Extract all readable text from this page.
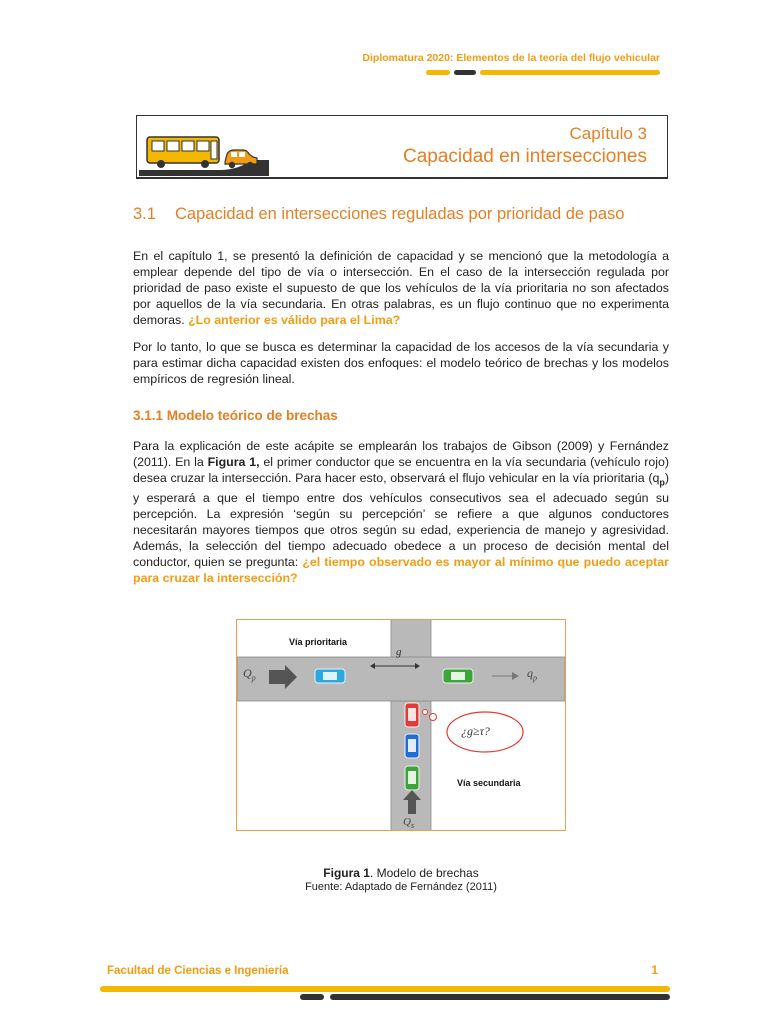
Diplomatura 2020: Elementos de la teoría del flujo vehicular
Capítulo 3
Capacidad en intersecciones
3.1 Capacidad en intersecciones reguladas por prioridad de paso

En el capítulo 1, se presentó la definición de capacidad y se mencionó que la metodología a emplear depende del tipo de vía o intersección. En el caso de la intersección regulada por prioridad de paso existe el supuesto de que los vehículos de la vía prioritaria no son afectados por aquellos de la vía secundaria. En otras palabras, es un flujo continuo que no experimenta demoras. ¿Lo anterior es válido para el Lima?

Por lo tanto, lo que se busca es determinar la capacidad de los accesos de la vía secundaria y para estimar dicha capacidad existen dos enfoques: el modelo teórico de brechas y los modelos empíricos de regresión lineal.

3.1.1 Modelo teórico de brechas

Para la explicación de este acápite se emplearán los trabajos de Gibson (2009) y Fernández (2011). En la Figura 1, el primer conductor que se encuentra en la vía secundaria (vehículo rojo) desea cruzar la intersección. Para hacer esto, observará el flujo vehicular en la vía prioritaria $(q_p)$ y esperará a que el tiempo entre dos vehículos consecutivos sea el adecuado según su percepción. La expresión ‘según su percepción’ se refiere a que algunos conductores necesitarán mayores tiempos que otros según su edad, experiencia de manejo y agresividad. Además, la selección del tiempo adecuado obedece a un proceso de decisión mental del conductor, quien se pregunta: ¿el tiempo observado es mayor al mínimo que puedo aceptar para cruzar la intersección?

Vía prioritaria
Vía secundaria
$Q_p$	$q_p$
$Q_s$
g
¿g≥τ?
Figura 1. Modelo de brechas
Fuente: Adaptado de Fernández (2011)
Facultad de Ciencias e Ingeniería	1
